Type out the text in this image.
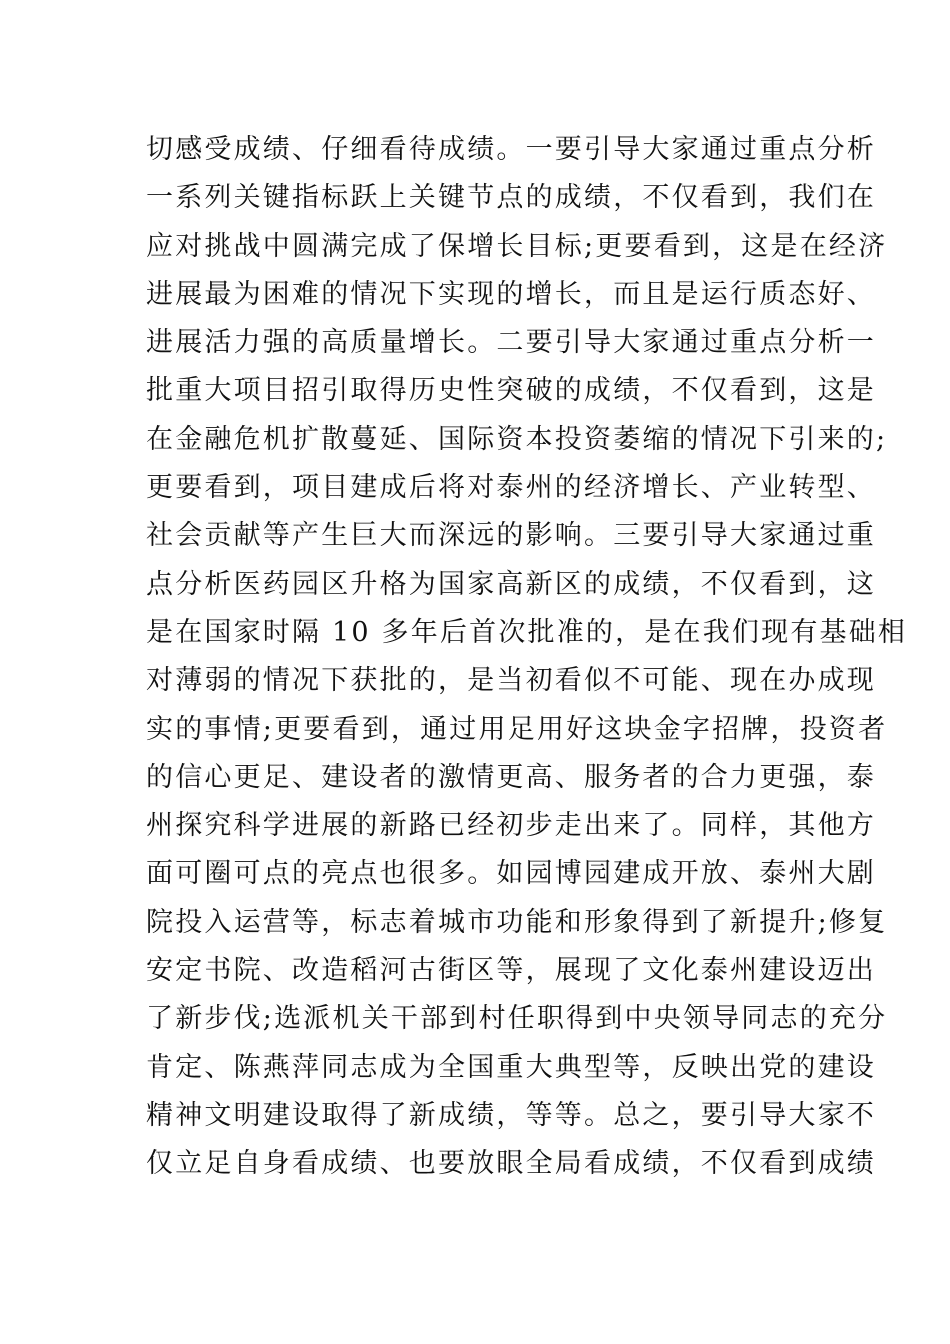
切感受成绩、仔细看待成绩。一要引导大家通过重点分析
一系列关键指标跃上关键节点的成绩，不仅看到，我们在
应对挑战中圆满完成了保增长目标;更要看到，这是在经济
进展最为困难的情况下实现的增长，而且是运行质态好、
进展活力强的高质量增长。二要引导大家通过重点分析一
批重大项目招引取得历史性突破的成绩，不仅看到，这是
在金融危机扩散蔓延、国际资本投资萎缩的情况下引来的;
更要看到，项目建成后将对泰州的经济增长、产业转型、
社会贡献等产生巨大而深远的影响。三要引导大家通过重
点分析医药园区升格为国家高新区的成绩，不仅看到，这
是在国家时隔 10 多年后首次批准的，是在我们现有基础相
对薄弱的情况下获批的，是当初看似不可能、现在办成现
实的事情;更要看到，通过用足用好这块金字招牌，投资者
的信心更足、建设者的激情更高、服务者的合力更强，泰
州探究科学进展的新路已经初步走出来了。同样，其他方
面可圈可点的亮点也很多。如园博园建成开放、泰州大剧
院投入运营等，标志着城市功能和形象得到了新提升;修复
安定书院、改造稻河古街区等，展现了文化泰州建设迈出
了新步伐;选派机关干部到村任职得到中央领导同志的充分
肯定、陈燕萍同志成为全国重大典型等，反映出党的建设
精神文明建设取得了新成绩，等等。总之，要引导大家不
仅立足自身看成绩、也要放眼全局看成绩，不仅看到成绩
